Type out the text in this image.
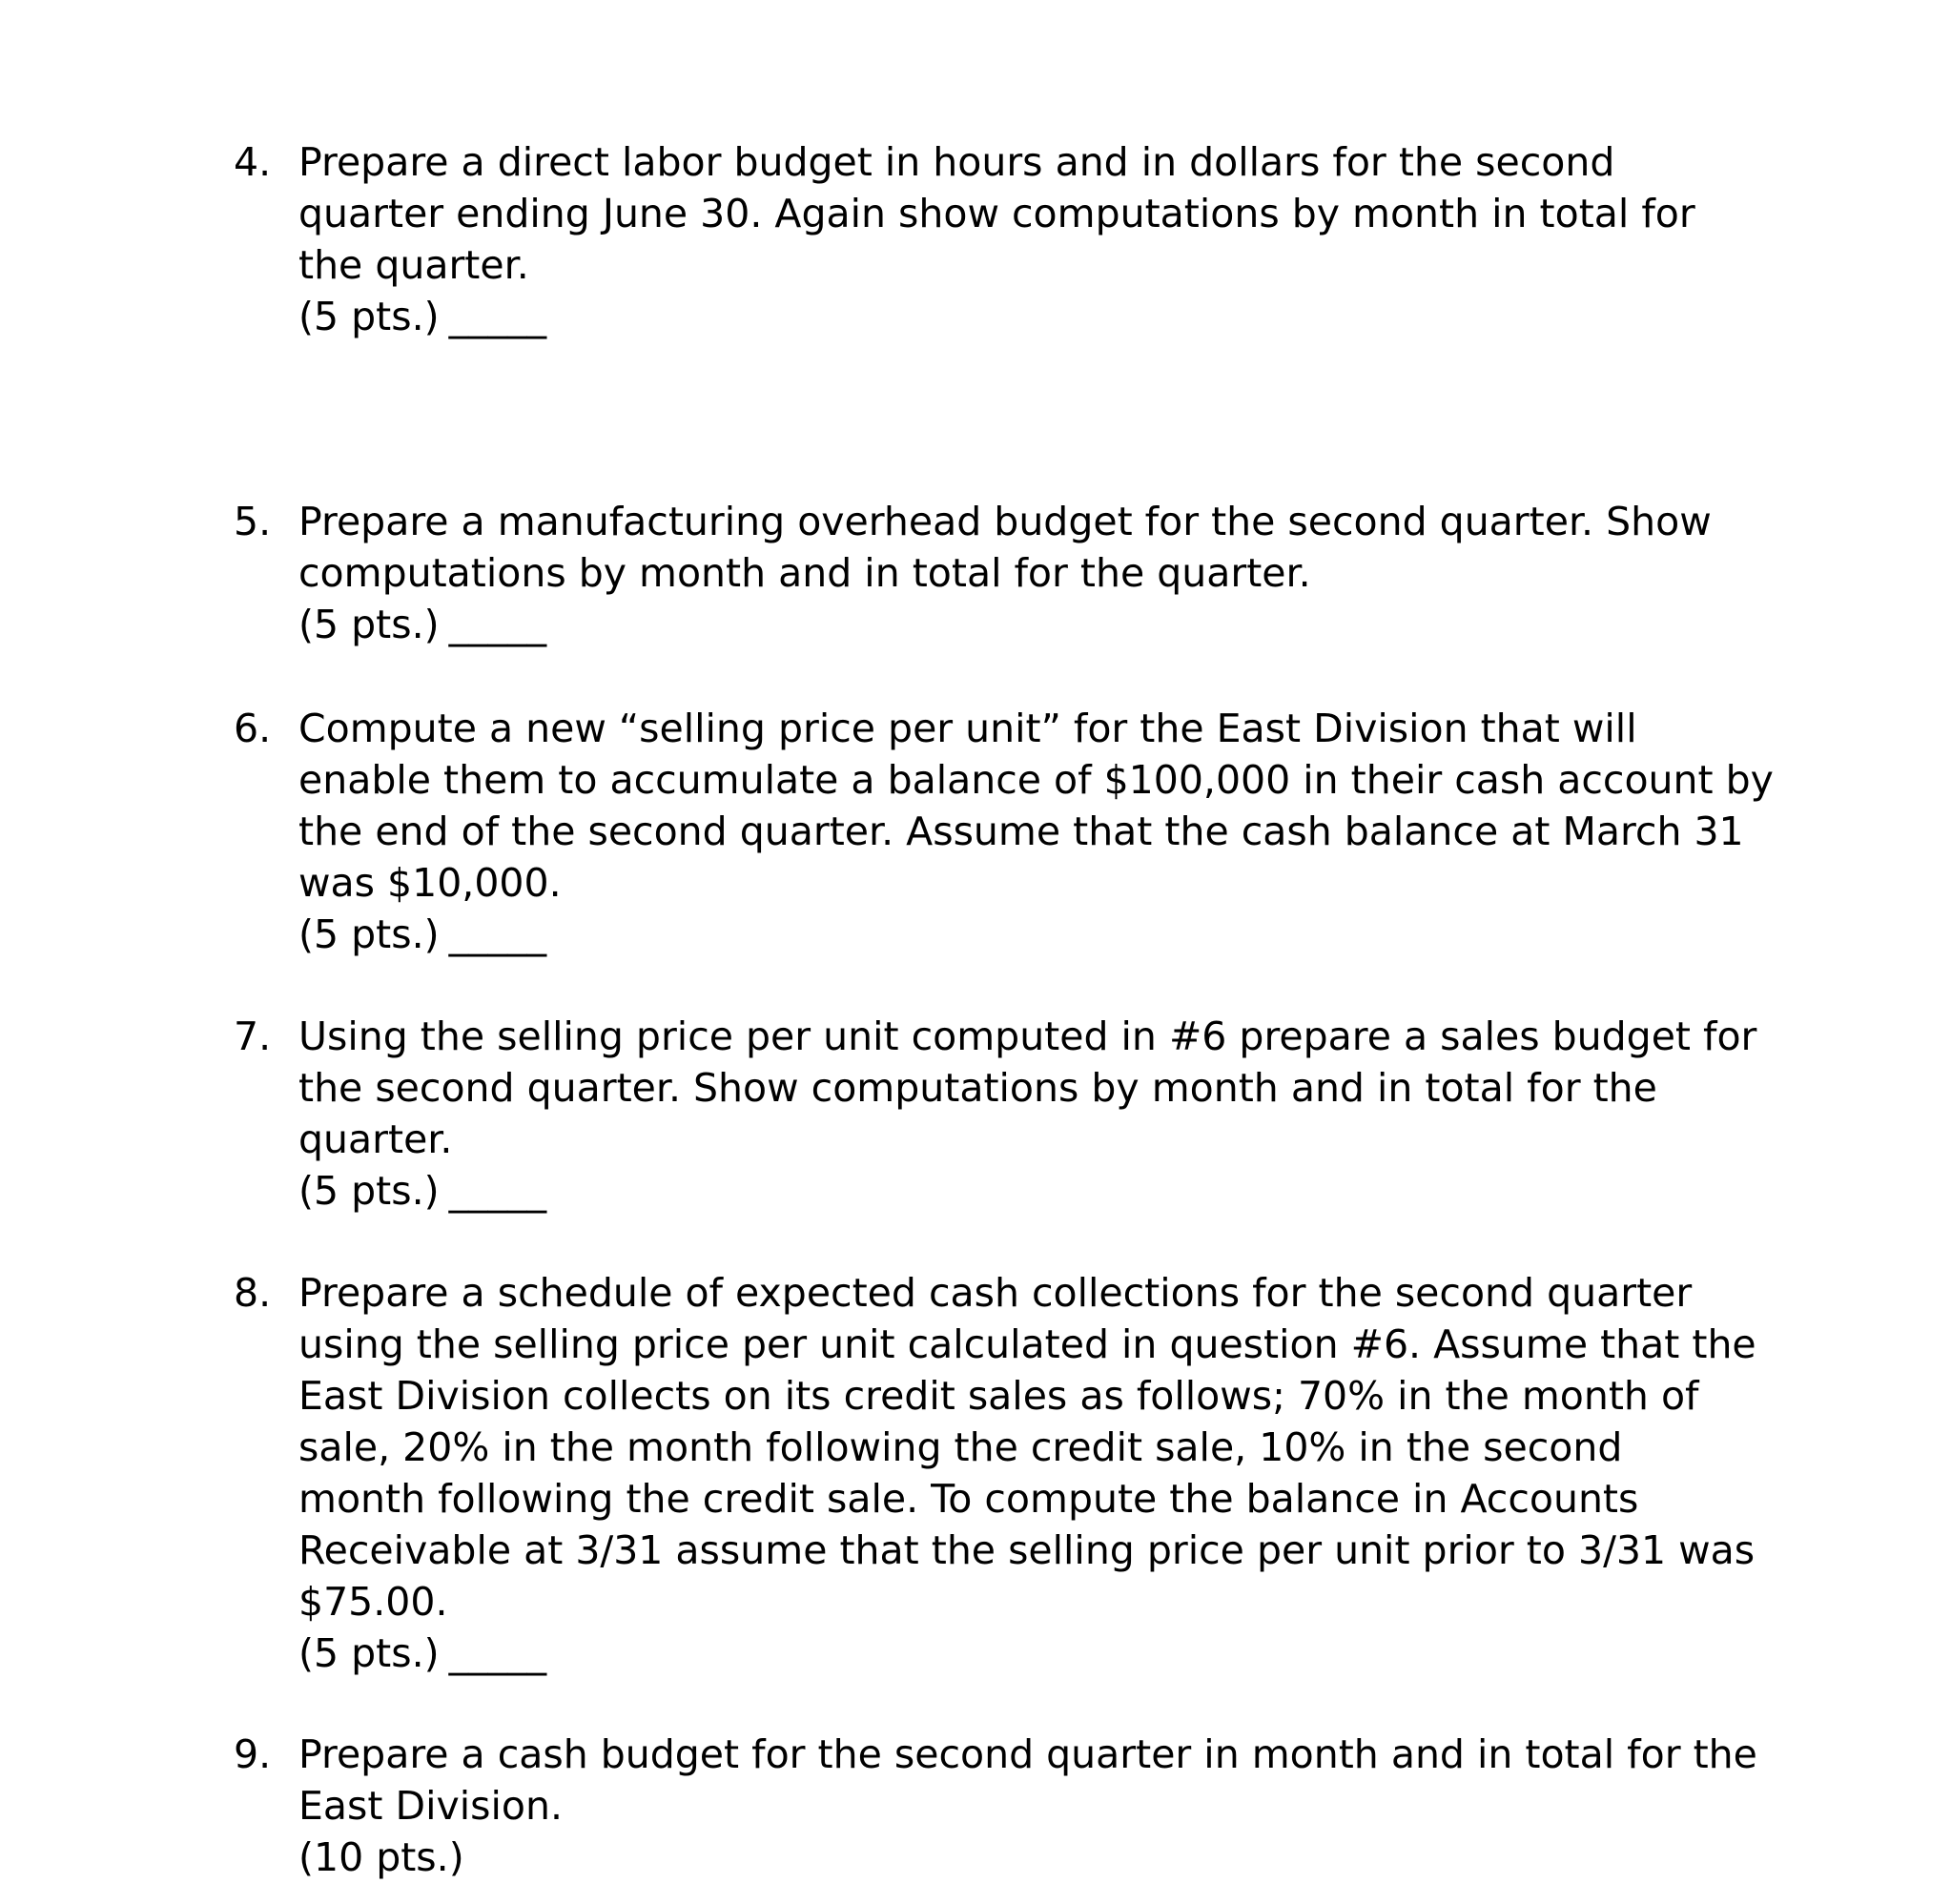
4. Prepare a direct labor budget in hours and in dollars for the second
quarter ending June 30. Again show computations by month in total for
the quarter.
(5 pts.) _____
5. Prepare a manufacturing overhead budget for the second quarter. Show
computations by month and in total for the quarter.
(5 pts.) _____
6. Compute a new “selling price per unit” for the East Division that will
enable them to accumulate a balance of $100,000 in their cash account by
the end of the second quarter. Assume that the cash balance at March 31
was $10,000.
(5 pts.) _____
7. Using the selling price per unit computed in #6 prepare a sales budget for
the second quarter. Show computations by month and in total for the
quarter.
(5 pts.) _____
8. Prepare a schedule of expected cash collections for the second quarter
using the selling price per unit calculated in question #6. Assume that the
East Division collects on its credit sales as follows; 70% in the month of
sale, 20% in the month following the credit sale, 10% in the second
month following the credit sale. To compute the balance in Accounts
Receivable at 3/31 assume that the selling price per unit prior to 3/31 was
$75.00.
(5 pts.) _____
9. Prepare a cash budget for the second quarter in month and in total for the
East Division.
(10 pts.)
